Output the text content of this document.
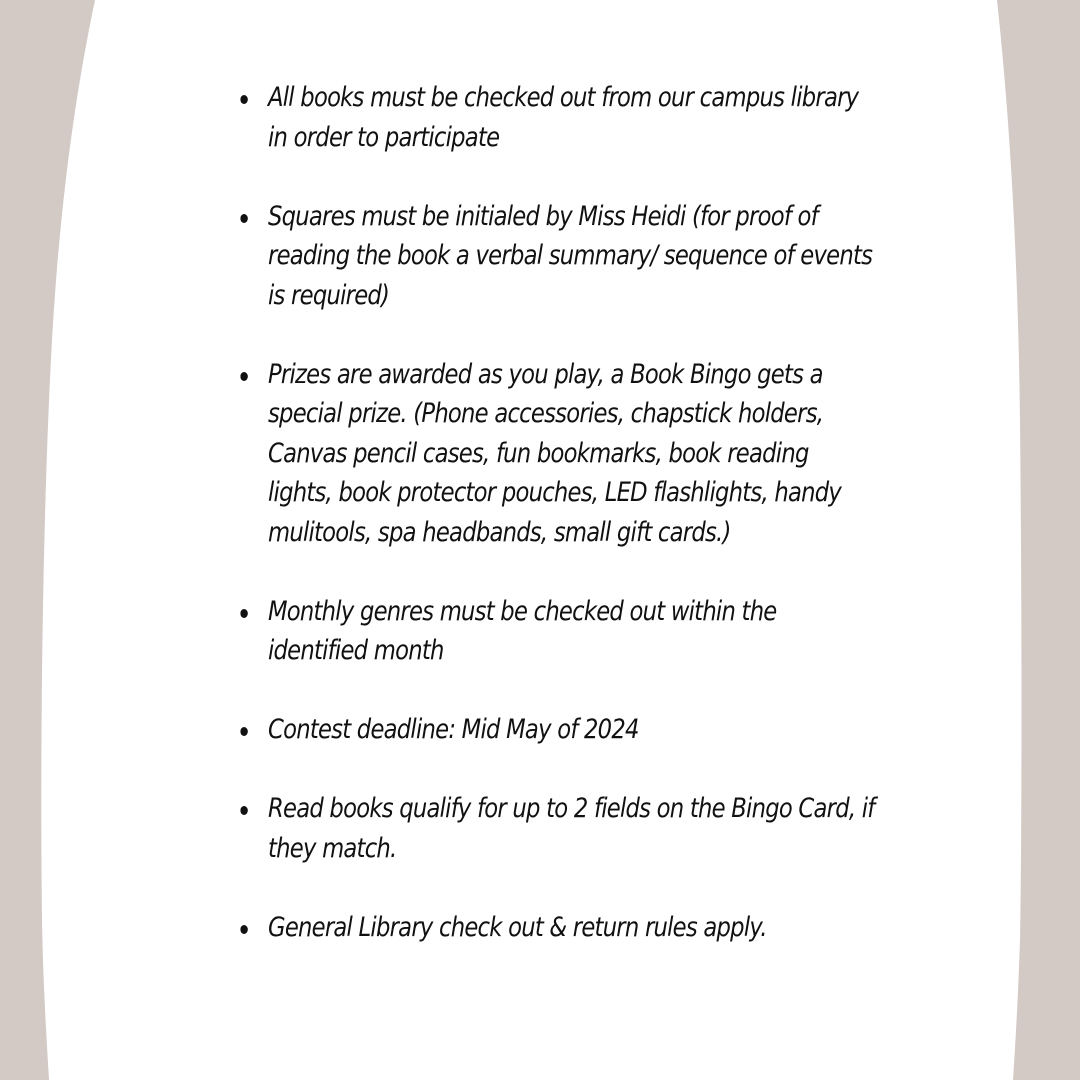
All books must be checked out from our campus library in order to participate
Squares must be initialed by Miss Heidi (for proof of reading the book a verbal summary/ sequence of events is required)
Prizes are awarded as you play, a Book Bingo gets a special prize. (Phone accessories, chapstick holders, Canvas pencil cases, fun bookmarks, book reading lights, book protector pouches, LED flashlights, handy mulitools, spa headbands, small gift cards.)
Monthly genres must be checked out within the identified month
Contest deadline: Mid May of 2024
Read books qualify for up to 2 fields on the Bingo Card, if they match.
General Library check out & return rules apply.
